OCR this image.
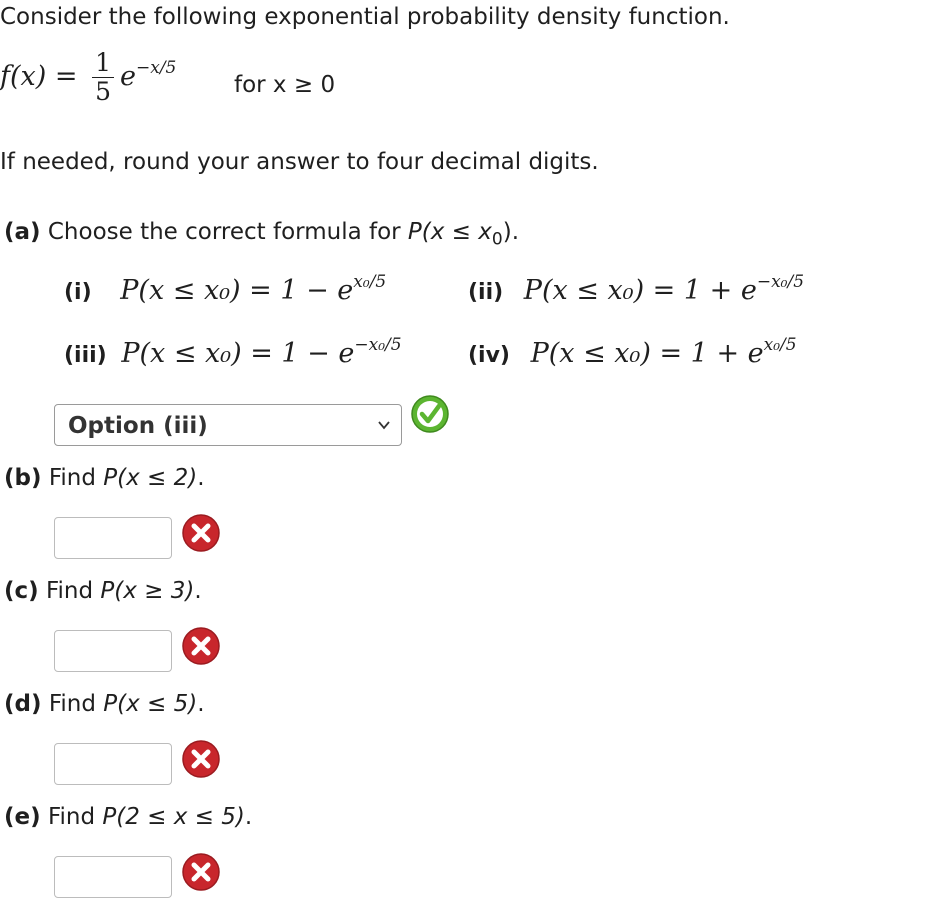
Consider the following exponential probability density function.
$f(x) = \frac{1}{5} e^{-x/5}$
for x ≥ 0
If needed, round your answer to four decimal digits.
(a) Choose the correct formula for $P(x \le x_0)$.
(i) $P(x \le x_0) = 1 - e^{x_0/5}$	(ii) $P(x \le x_0) = 1 + e^{-x_0/5}$
(iii) $P(x \le x_0) = 1 - e^{-x_0/5}$	(iv) $P(x \le x_0) = 1 + e^{x_0/5}$
Option (iii)
(b) Find P(x ≤ 2).
(c) Find P(x ≥ 3).
(d) Find P(x ≤ 5).
(e) Find P(2 ≤ x ≤ 5).
